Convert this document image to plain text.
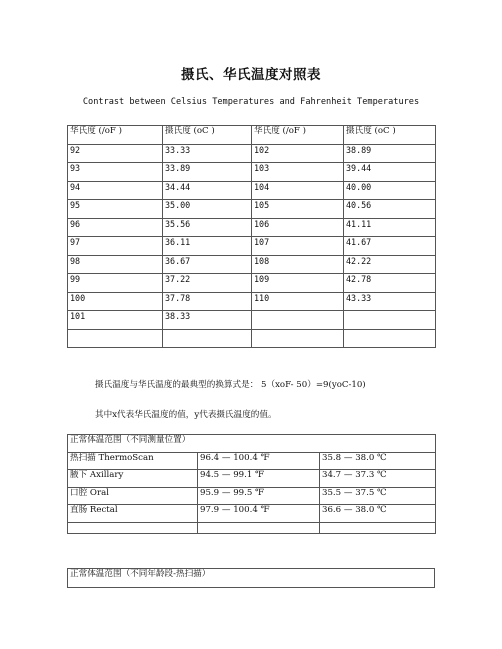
摄氏、华氏温度对照表
Contrast between Celsius Temperatures and Fahrenheit Temperatures
华氏度 (/oF )	摄氏度 (oC )	华氏度 (/oF )	摄氏度 (oC )
92	33.33	102	38.89
93	33.89	103	39.44
94	34.44	104	40.00
95	35.00	105	40.56
96	35.56	106	41.11
97	36.11	107	41.67
98	36.67	108	42.22
99	37.22	109	42.78
100	37.78	110	43.33
101	38.33		

摄氏温度与华氏温度的最典型的换算式是： 5（xoF- 50）=9(yoC-10)
其中x代表华氏温度的值，y代表摄氏温度的值。
正常体温范围（不同测量位置）		
热扫描 ThermoScan	96.4 — 100.4 ℉	35.8 — 38.0 ℃
腋下 Axillary	94.5 — 99.1 ℉	34.7 — 37.3 ℃
口腔 Oral	95.9 — 99.5 ℉	35.5 — 37.5 ℃
直肠 Rectal	97.9 — 100.4 ℉	36.6 — 38.0 ℃

正常体温范围（不同年龄段-热扫描）
